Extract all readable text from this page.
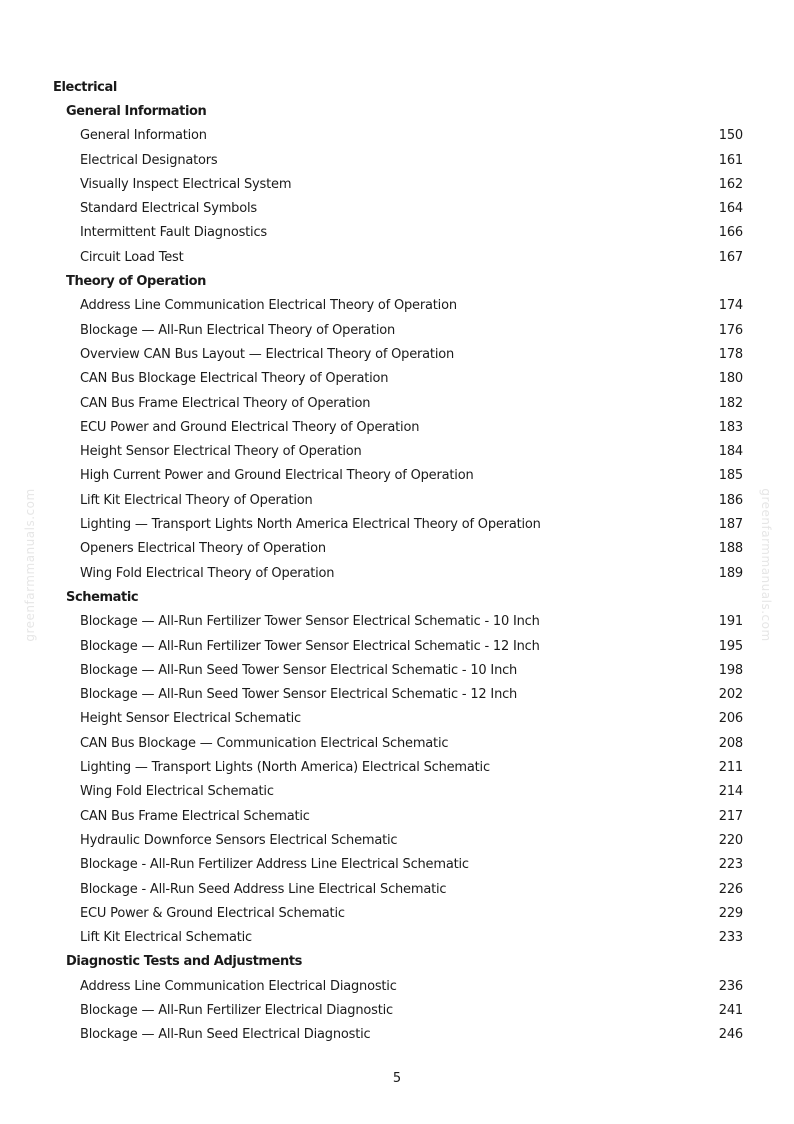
greenfarmmanuals.com	greenfarmmanuals.com
Electrical
General Information
General Information	150
Electrical Designators	161
Visually Inspect Electrical System	162
Standard Electrical Symbols	164
Intermittent Fault Diagnostics	166
Circuit Load Test	167
Theory of Operation
Address Line Communication Electrical Theory of Operation	174
Blockage — All-Run Electrical Theory of Operation	176
Overview CAN Bus Layout — Electrical Theory of Operation	178
CAN Bus Blockage Electrical Theory of Operation	180
CAN Bus Frame Electrical Theory of Operation	182
ECU Power and Ground Electrical Theory of Operation	183
Height Sensor Electrical Theory of Operation	184
High Current Power and Ground Electrical Theory of Operation	185
Lift Kit Electrical Theory of Operation	186
Lighting — Transport Lights North America Electrical Theory of Operation	187
Openers Electrical Theory of Operation	188
Wing Fold Electrical Theory of Operation	189
Schematic
Blockage — All-Run Fertilizer Tower Sensor Electrical Schematic - 10 Inch	191
Blockage — All-Run Fertilizer Tower Sensor Electrical Schematic - 12 Inch	195
Blockage — All-Run Seed Tower Sensor Electrical Schematic - 10 Inch	198
Blockage — All-Run Seed Tower Sensor Electrical Schematic - 12 Inch	202
Height Sensor Electrical Schematic	206
CAN Bus Blockage — Communication Electrical Schematic	208
Lighting — Transport Lights (North America) Electrical Schematic	211
Wing Fold Electrical Schematic	214
CAN Bus Frame Electrical Schematic	217
Hydraulic Downforce Sensors Electrical Schematic	220
Blockage - All-Run Fertilizer Address Line Electrical Schematic	223
Blockage - All-Run Seed Address Line Electrical Schematic	226
ECU Power & Ground Electrical Schematic	229
Lift Kit Electrical Schematic	233
Diagnostic Tests and Adjustments
Address Line Communication Electrical Diagnostic	236
Blockage — All-Run Fertilizer Electrical Diagnostic	241
Blockage — All-Run Seed Electrical Diagnostic	246
5
